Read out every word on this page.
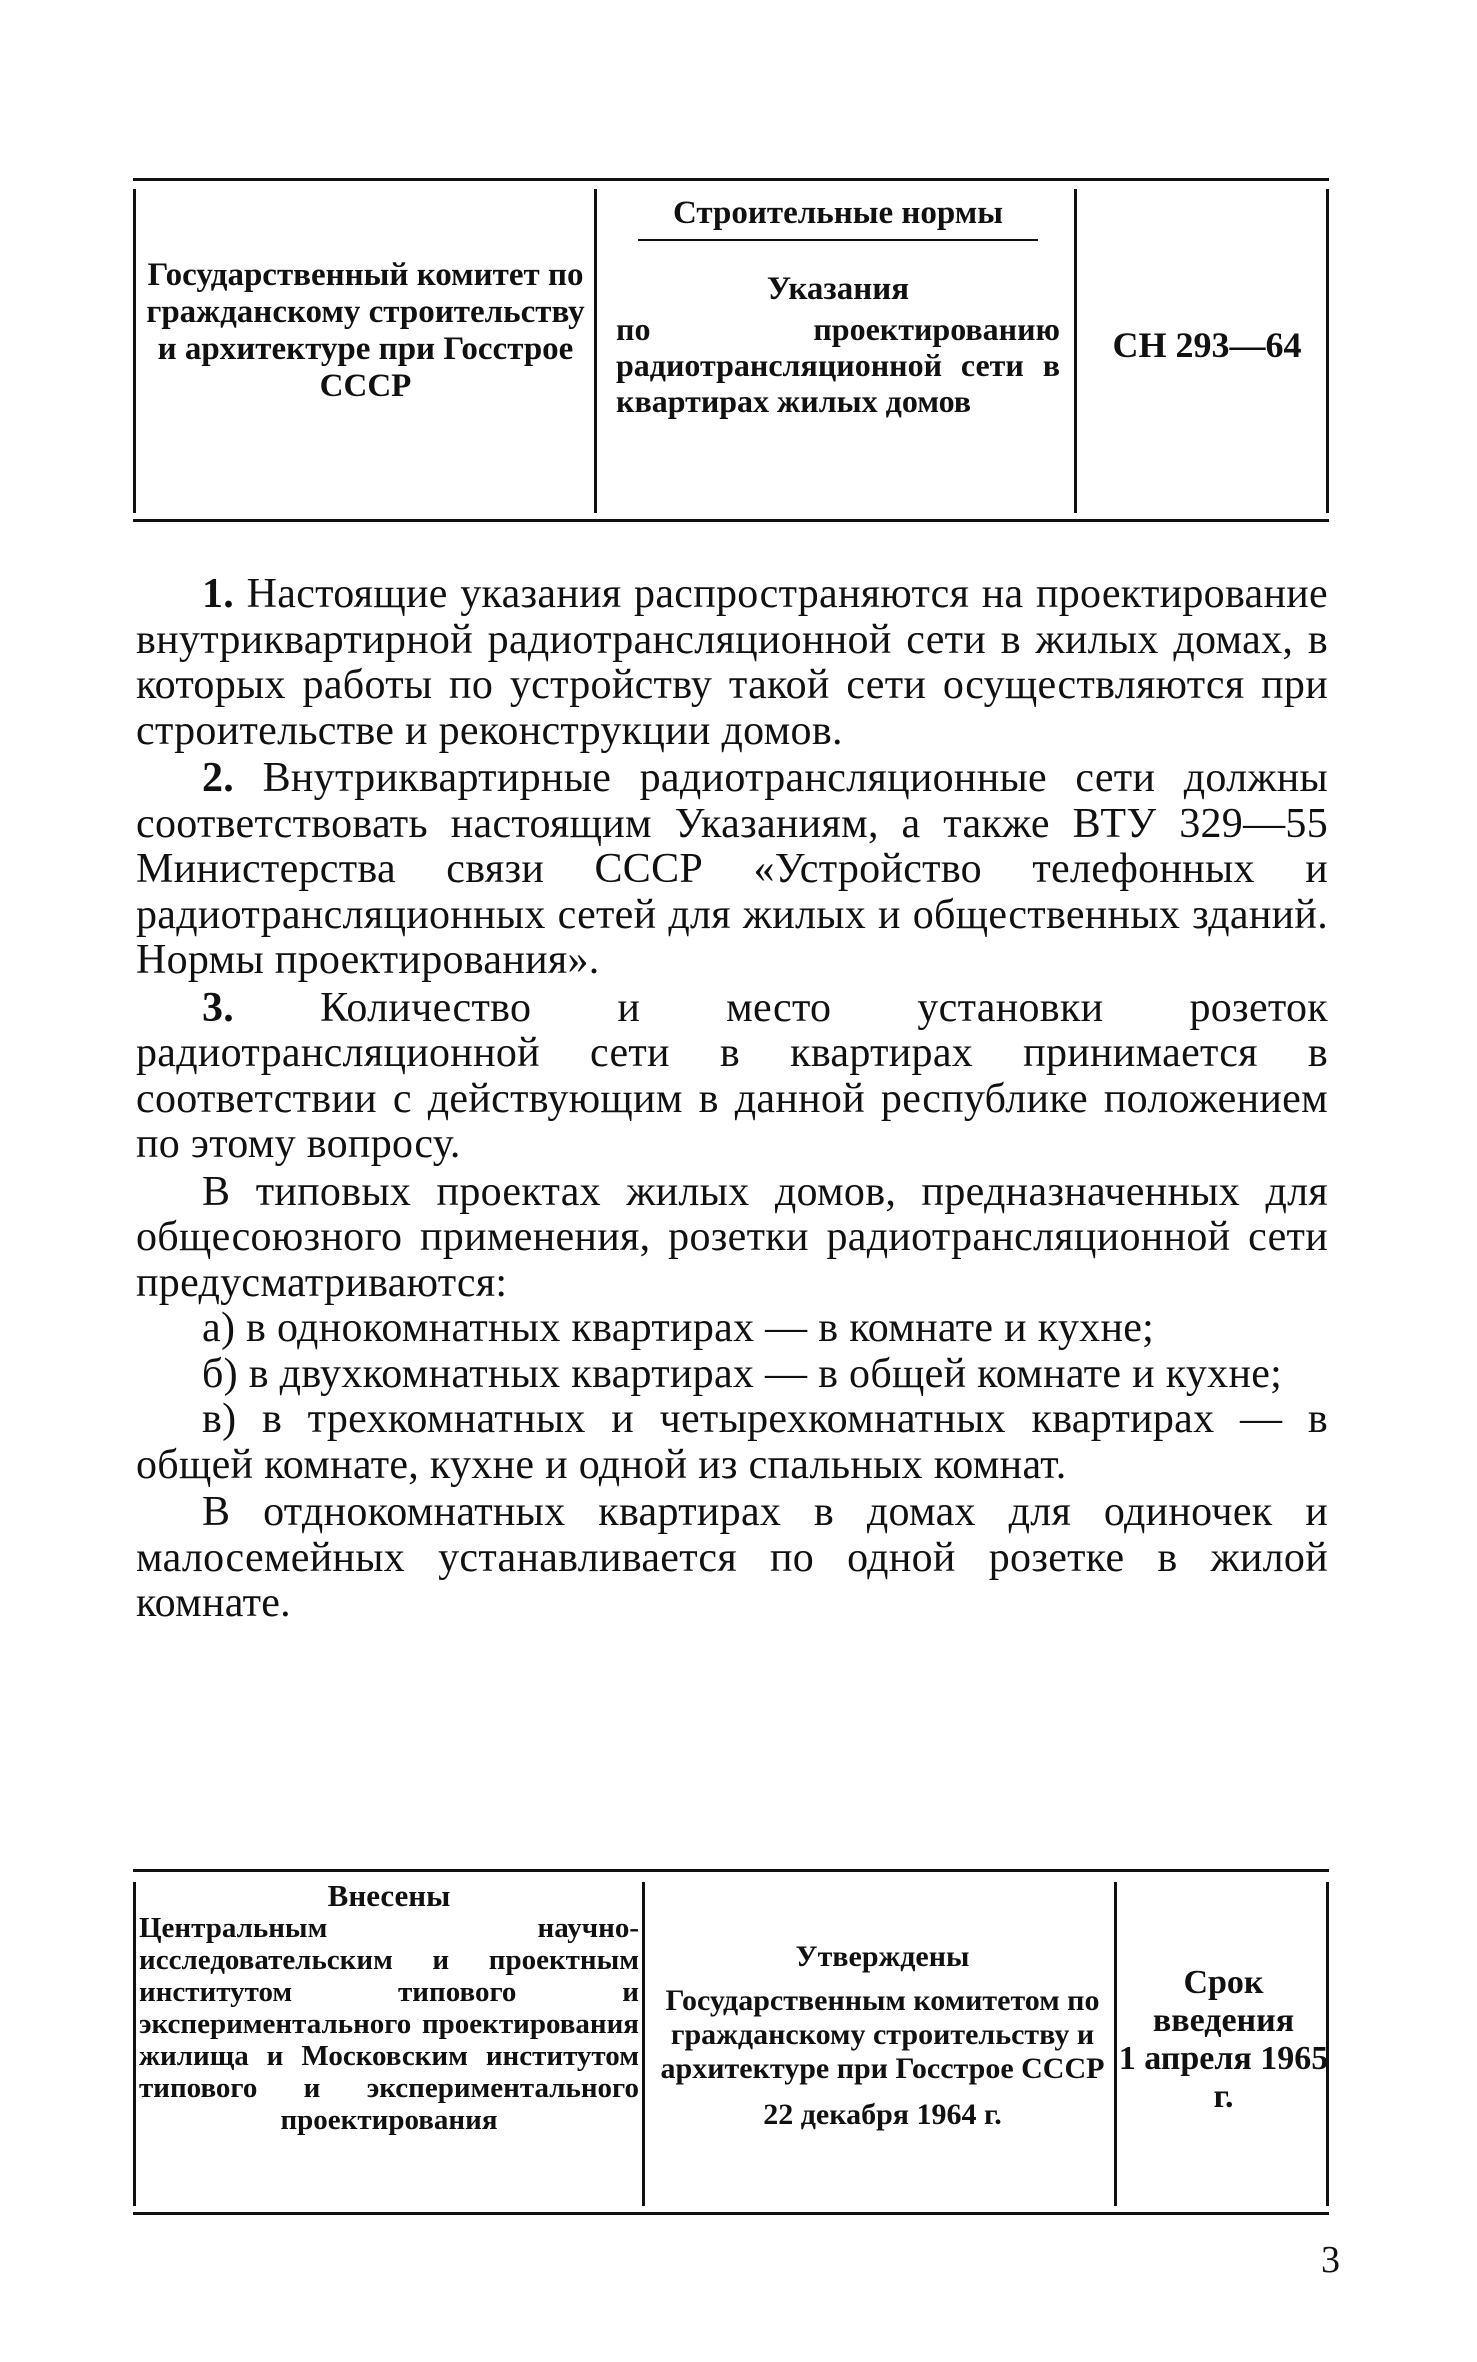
Государственный комитет по гражданскому строительству и архитектуре при Госстрое СССР
Строительные нормы
Указания
по проектированию радиотрансляционной сети в квартирах жилых домов
СН 293—64

1. Настоящие указания распространяются на проектирование внутриквартирной радиотрансляционной сети в жилых домах, в которых работы по устройству такой сети осуществляются при строительстве и реконструкции домов.

2. Внутриквартирные радиотрансляционные сети должны соответствовать настоящим Указаниям, а также ВТУ 329—55 Министерства связи СССР «Устройство телефонных и радиотрансляционных сетей для жилых и общественных зданий. Нормы проектирования».

3. Количество и место установки розеток радиотрансляционной сети в квартирах принимается в соответствии с действующим в данной республике положением по этому вопросу.

В типовых проектах жилых домов, предназначенных для общесоюзного применения, розетки радиотрансляционной сети предусматриваются:

а) в однокомнатных квартирах — в комнате и кухне;

б) в двухкомнатных квартирах — в общей комнате и кухне;

в) в трехкомнатных и четырехкомнатных квартирах — в общей комнате, кухне и одной из спальных комнат.

В отднокомнатных квартирах в домах для одиночек и малосемейных устанавливается по одной розетке в жилой комнате.

Внесены
Центральным научно-исследовательским и проектным институтом типового и экспериментального проектирования жилища и Московским институтом типового и экспериментального проектирования
Утверждены
Государственным комитетом по гражданскому строительству и архитектуре при Госстрое СССР
22 декабря 1964 г.
Срок введения
1 апреля 1965 г.
3
